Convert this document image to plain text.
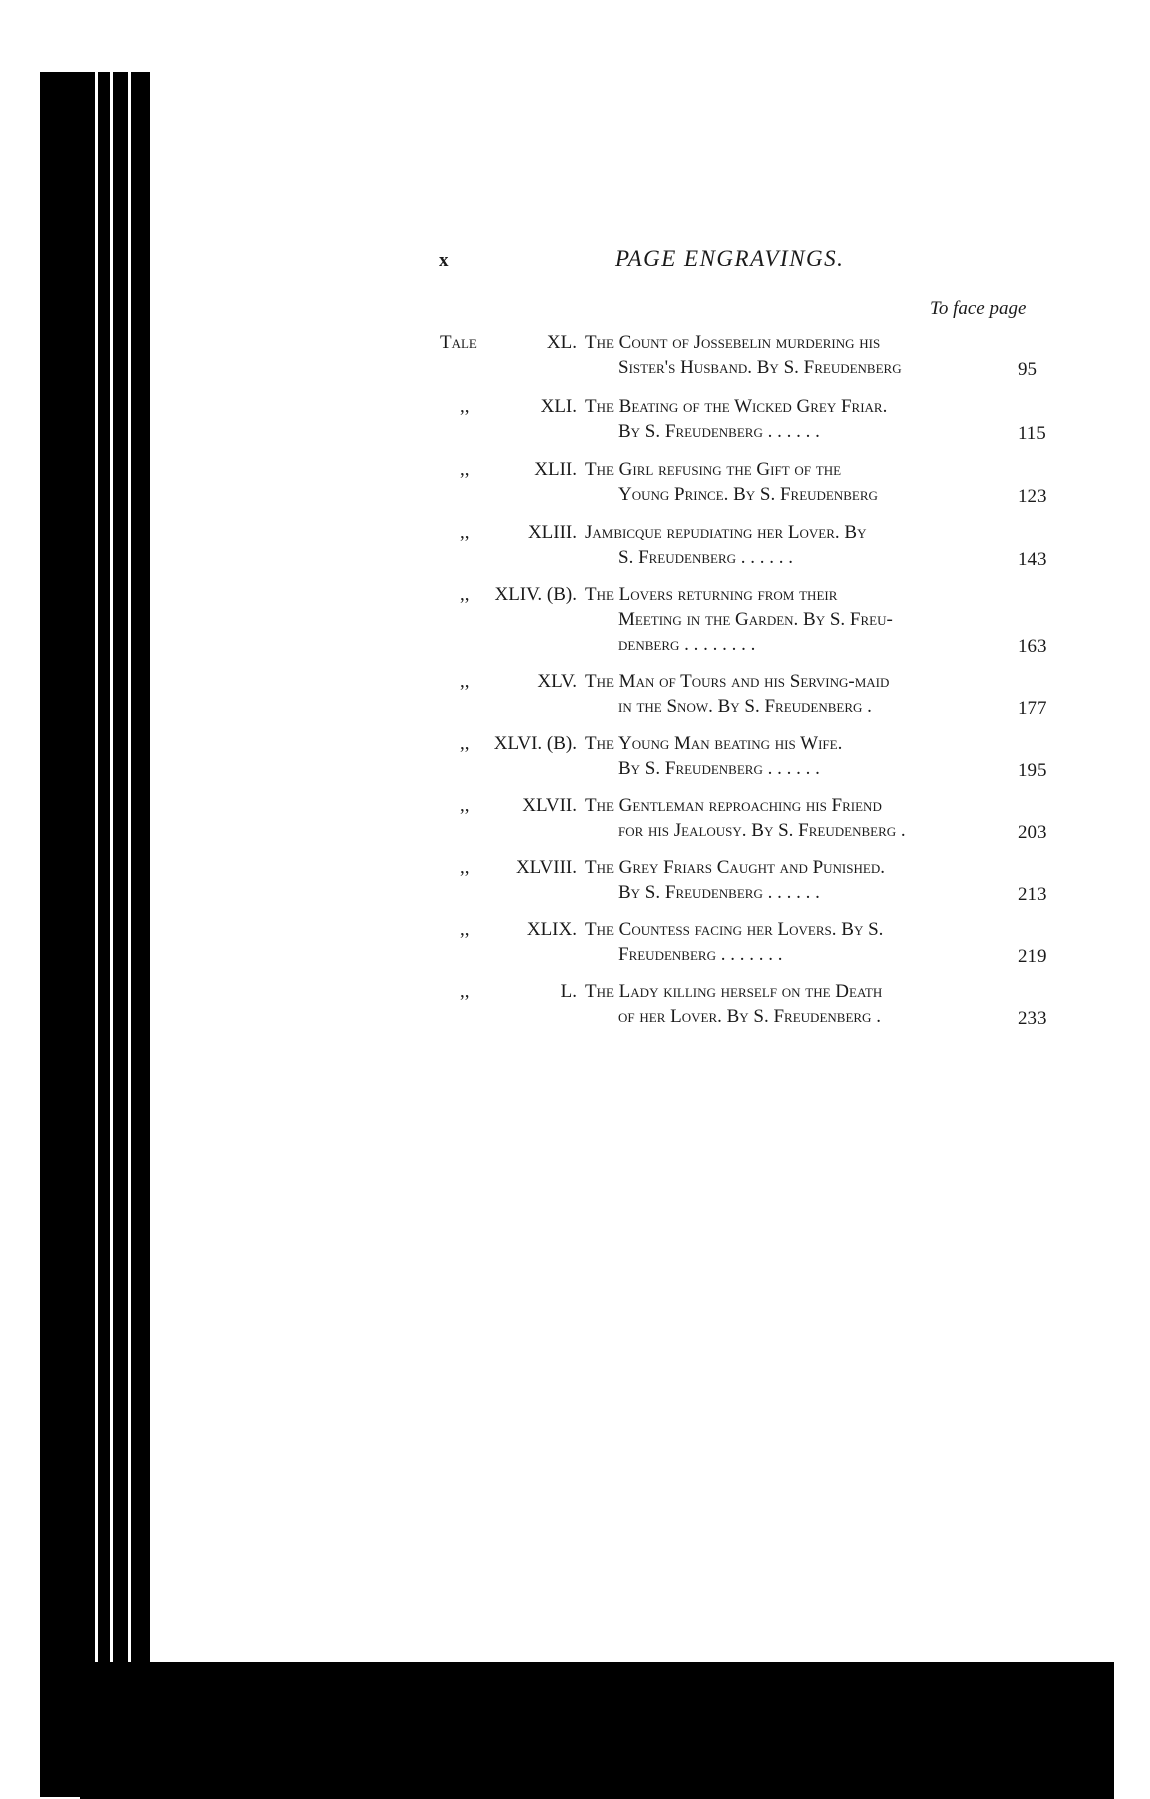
x	PAGE ENGRAVINGS.
To face page
Tale	XL. The Count of Jossebelin murdering his
Sister's Husband. By S. Freudenberg	95
,,	XLI. The Beating of the Wicked Grey Friar.
By S. Freudenberg . . . . . .	115
,,	XLII. The Girl refusing the Gift of the
Young Prince. By S. Freudenberg	123
,,	XLIII. Jambicque repudiating her Lover. By
S. Freudenberg . . . . . .	143
,, XLIV. (B). The Lovers returning from their
Meeting in the Garden. By S. Freu-
denberg . . . . . . . .	163
,,	XLV. The Man of Tours and his Serving-maid
in the Snow. By S. Freudenberg .	177
,, XLVI. (B). The Young Man beating his Wife.
By S. Freudenberg . . . . . .	195
,,	XLVII. The Gentleman reproaching his Friend
for his Jealousy. By S. Freudenberg .	203
,, XLVIII. The Grey Friars Caught and Punished.
By S. Freudenberg . . . . . .	213
,,	XLIX. The Countess facing her Lovers. By S.
Freudenberg . . . . . . .	219
,,	L. The Lady killing herself on the Death
of her Lover. By S. Freudenberg .	233
